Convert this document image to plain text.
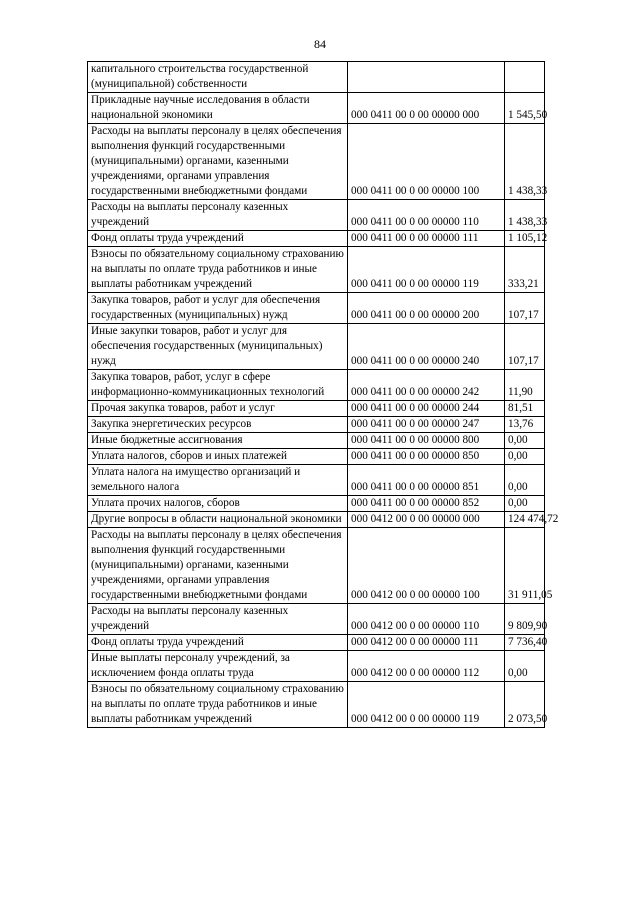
84
капитального строительства государственной (муниципальной) собственности		
Прикладные научные исследования в области национальной экономики	000 0411 00 0 00 00000 000	1 545,50
Расходы на выплаты персоналу в целях обеспечения выполнения функций государственными (муниципальными) органами, казенными учреждениями, органами управления государственными внебюджетными фондами	000 0411 00 0 00 00000 100	1 438,33
Расходы на выплаты персоналу казенных учреждений	000 0411 00 0 00 00000 110	1 438,33
Фонд оплаты труда учреждений	000 0411 00 0 00 00000 111	1 105,12
Взносы по обязательному социальному страхованию на выплаты по оплате труда работников и иные выплаты работникам учреждений	000 0411 00 0 00 00000 119	333,21
Закупка товаров, работ и услуг для обеспечения государственных (муниципальных) нужд	000 0411 00 0 00 00000 200	107,17
Иные закупки товаров, работ и услуг для обеспечения государственных (муниципальных) нужд	000 0411 00 0 00 00000 240	107,17
Закупка товаров, работ, услуг в сфере информационно-коммуникационных технологий	000 0411 00 0 00 00000 242	11,90
Прочая закупка товаров, работ и услуг	000 0411 00 0 00 00000 244	81,51
Закупка энергетических ресурсов	000 0411 00 0 00 00000 247	13,76
Иные бюджетные ассигнования	000 0411 00 0 00 00000 800	0,00
Уплата налогов, сборов и иных платежей	000 0411 00 0 00 00000 850	0,00
Уплата налога на имущество организаций и земельного налога	000 0411 00 0 00 00000 851	0,00
Уплата прочих налогов, сборов	000 0411 00 0 00 00000 852	0,00
Другие вопросы в области национальной экономики	000 0412 00 0 00 00000 000	124 474,72
Расходы на выплаты персоналу в целях обеспечения выполнения функций государственными (муниципальными) органами, казенными учреждениями, органами управления государственными внебюджетными фондами	000 0412 00 0 00 00000 100	31 911,05
Расходы на выплаты персоналу казенных учреждений	000 0412 00 0 00 00000 110	9 809,90
Фонд оплаты труда учреждений	000 0412 00 0 00 00000 111	7 736,40
Иные выплаты персоналу учреждений, за исключением фонда оплаты труда	000 0412 00 0 00 00000 112	0,00
Взносы по обязательному социальному страхованию на выплаты по оплате труда работников и иные выплаты работникам учреждений	000 0412 00 0 00 00000 119	2 073,50
